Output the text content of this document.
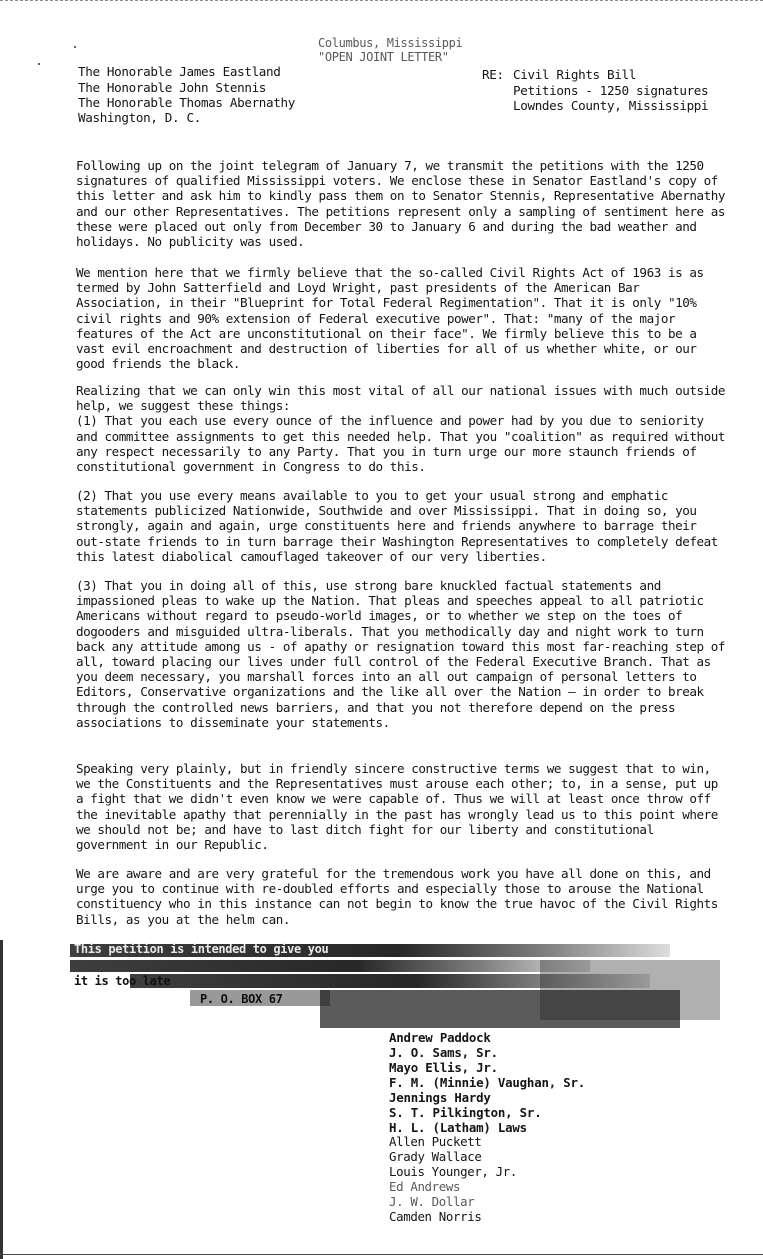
Columbus, Mississippi
"OPEN JOINT LETTER"
The Honorable James Eastland
The Honorable John Stennis
The Honorable Thomas Abernathy
Washington, D. C.
RE: Civil Rights Bill
Petitions - 1250 signatures
Lowndes County, Mississippi
Following up on the joint telegram of January 7, we transmit the petitions with the 1250 signatures of qualified Mississippi voters. We enclose these in Senator Eastland's copy of this letter and ask him to kindly pass them on to Senator Stennis, Representative Abernathy and our other Representatives. The petitions represent only a sampling of sentiment here as these were placed out only from December 30 to January 6 and during the bad weather and holidays. No publicity was used.
We mention here that we firmly believe that the so-called Civil Rights Act of 1963 is as termed by John Satterfield and Loyd Wright, past presidents of the American Bar Association, in their "Blueprint for Total Federal Regimentation". That it is only "10% civil rights and 90% extension of Federal executive power". That: "many of the major features of the Act are unconstitutional on their face". We firmly believe this to be a vast evil encroachment and destruction of liberties for all of us whether white, or our good friends the black.
Realizing that we can only win this most vital of all our national issues with much outside help, we suggest these things:
(1) That you each use every ounce of the influence and power had by you due to seniority and committee assignments to get this needed help. That you "coalition" as required without any respect necessarily to any Party. That you in turn urge our more staunch friends of constitutional government in Congress to do this.
(2) That you use every means available to you to get your usual strong and emphatic statements publicized Nationwide, Southwide and over Mississippi. That in doing so, you strongly, again and again, urge constituents here and friends anywhere to barrage their out-state friends to in turn barrage their Washington Representatives to completely defeat this latest diabolical camouflaged takeover of our very liberties.
(3) That you in doing all of this, use strong bare knuckled factual statements and impassioned pleas to wake up the Nation. That pleas and speeches appeal to all patriotic Americans without regard to pseudo-world images, or to whether we step on the toes of dogooders and misguided ultra-liberals. That you methodically day and night work to turn back any attitude among us - of apathy or resignation toward this most far-reaching step of all, toward placing our lives under full control of the Federal Executive Branch. That as you deem necessary, you marshall forces into an all out campaign of personal letters to Editors, Conservative organizations and the like all over the Nation — in order to break through the controlled news barriers, and that you not therefore depend on the press associations to disseminate your statements.
Speaking very plainly, but in friendly sincere constructive terms we suggest that to win, we the Constituents and the Representatives must arouse each other; to, in a sense, put up a fight that we didn't even know we were capable of. Thus we will at least once throw off the inevitable apathy that perennially in the past has wrongly lead us to this point where we should not be; and have to last ditch fight for our liberty and constitutional government in our Republic.
We are aware and are very grateful for the tremendous work you have all done on this, and urge you to continue with re-doubled efforts and especially those to arouse the National constituency who in this instance can not begin to know the true havoc of the Civil Rights Bills, as you at the helm can.
This petition is intended to give you
it is too late
P. O. BOX 67
Andrew Paddock
J. O. Sams, Sr.
Mayo Ellis, Jr.
F. M. (Minnie) Vaughan, Sr.
Jennings Hardy
S. T. Pilkington, Sr.
H. L. (Latham) Laws
Allen Puckett
Grady Wallace
Louis Younger, Jr.
Ed Andrews
J. W. Dollar
Camden Norris
